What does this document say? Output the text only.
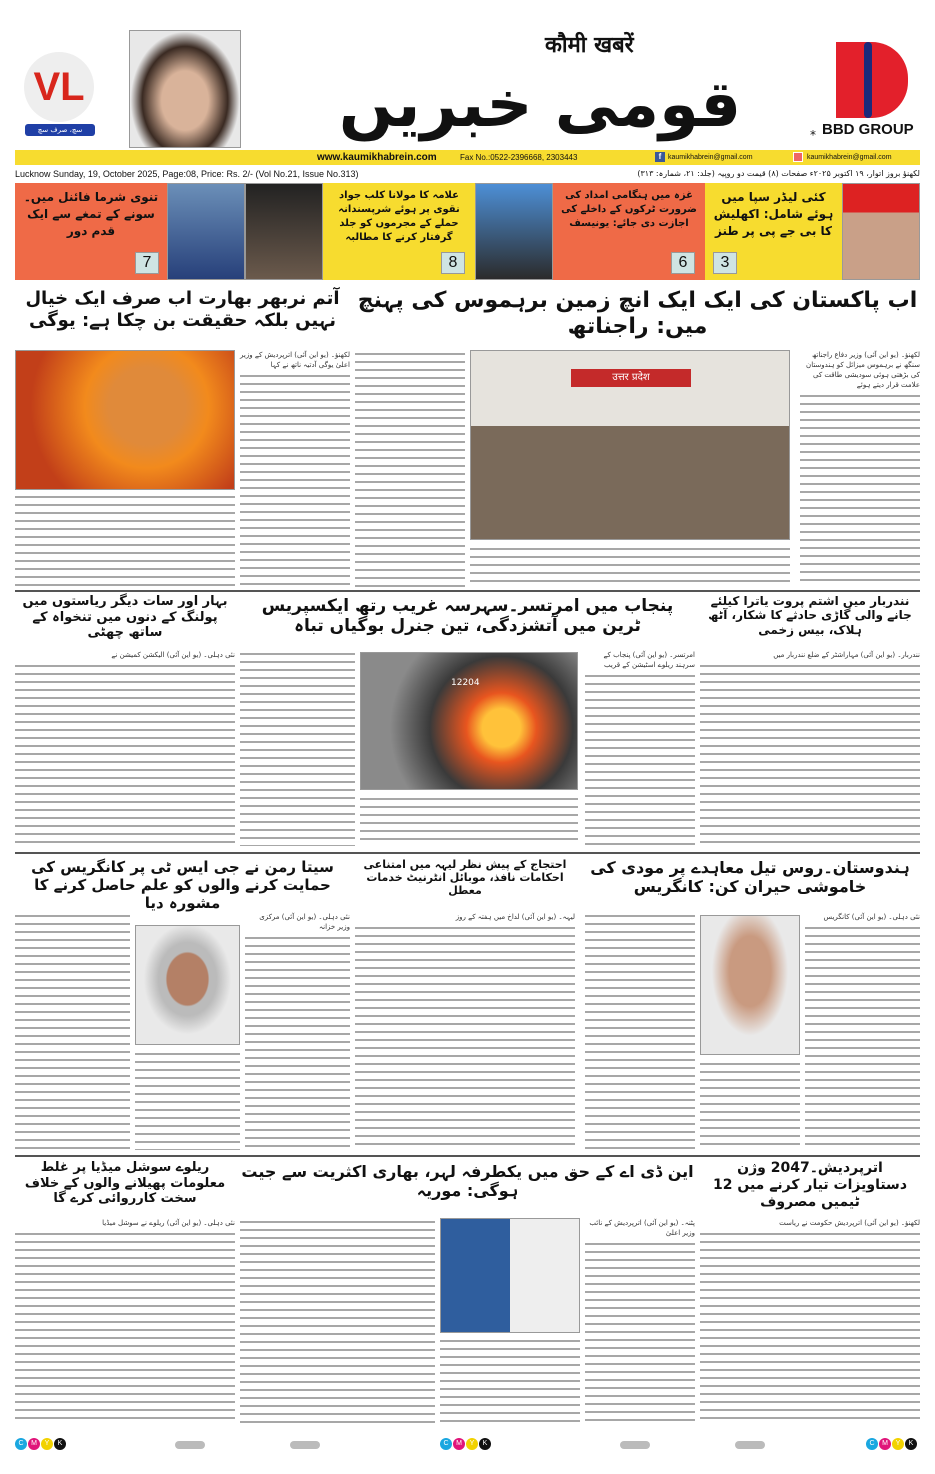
VL
سچ، صرف سچ
कौमी खबरें
قومی خبریں	* BBD GROUP
www.kaumikhabrein.com	Fax No.:0522-2396668, 2303443	f kaumikhabrein@gmail.com	kaumikhabrein@gmail.com
Lucknow Sunday, 19, October 2025, Page:08, Price: Rs. 2/- (Vol No.21, Issue No.313)	لکھنؤ بروز اتوار، ۱۹ اکتوبر ۲۰۲۵ء صفحات (۸) قیمت دو روپیہ (جلد: ۲۱، شمارہ: ۳۱۳)
تنوی شرما فائنل میں۔ سونے کے تمغے سے ایک قدم دور
7
علامہ کا مولانا کلب جواد نقوی پر ہوئے شرپسندانہ حملے کے مجرموں کو جلد گرفتار کرنے کا مطالبہ
8
غزہ میں ہنگامی امداد کی ضرورت ٹرکوں کے داخلے کی اجازت دی جائے: یونیسف
6
کئی لیڈر سپا میں ہوئے شامل: اکھلیش کا بی جے پی پر طنز
3
اب پاکستان کی ایک ایک انچ زمین برہموس کی پہنچ میں: راجناتھ
آتم نربھر بھارت اب صرف ایک خیال نہیں بلکہ حقیقت بن چکا ہے: یوگی
उत्तर प्रदेश
لکھنؤ۔ (یو این آئی) وزیر دفاع راجناتھ سنگھ نے برہموس میزائل کو ہندوستان کی بڑھتی ہوئی سودیشی طاقت کی علامت قرار دیتے ہوئے
لکھنؤ۔ (یو این آئی) اترپردیش کے وزیر اعلیٰ یوگی آدتیہ ناتھ نے کہا
نندربار میں اشتم پروت یاترا کیلئے جانے والی گاڑی حادثے کا شکار، آٹھ ہلاک، بیس زخمی
پنجاب میں امرتسر۔سہرسہ غریب رتھ ایکسپریس ٹرین میں آتشزدگی، تین جنرل بوگیاں تباہ
بہار اور سات دیگر ریاستوں میں پولنگ کے دنوں میں تنخواہ کے ساتھ چھٹی
12204
نندربار۔ (یو این آئی) مہاراشٹر کے ضلع نندربار میں
امرتسر۔ (یو این آئی) پنجاب کے سرہند ریلوے اسٹیشن کے قریب
نئی دہلی۔ (یو این آئی) الیکشن کمیشن نے
ہندوستان۔روس تیل معاہدے پر مودی کی خاموشی حیران کن: کانگریس
احتجاج کے پیش نظر لیہہ میں امتناعی احکامات نافذ، موبائل انٹرنیٹ خدمات معطل
سیتا رمن نے جی ایس ٹی پر کانگریس کی حمایت کرنے والوں کو علم حاصل کرنے کا مشورہ دیا
نئی دہلی۔ (یو این آئی) کانگریس
لیہہ۔ (یو این آئی) لداخ میں ہفتہ کے روز
نئی دہلی۔ (یو این آئی) مرکزی وزیر خزانہ
اترپردیش۔2047 وژن دستاویزات تیار کرنے میں 12 ٹیمیں مصروف
این ڈی اے کے حق میں یکطرفہ لہر، بھاری اکثریت سے جیت ہوگی: موریہ
ریلوے سوشل میڈیا پر غلط معلومات پھیلانے والوں کے خلاف سخت کارروائی کرے گا
لکھنؤ۔ (یو این آئی) اترپردیش حکومت نے ریاست
پٹنہ۔ (یو این آئی) اترپردیش کے نائب وزیر اعلیٰ
نئی دہلی۔ (یو این آئی) ریلوے نے سوشل میڈیا
C	M	Y	K	C	M	Y	K	C	M	Y	K
